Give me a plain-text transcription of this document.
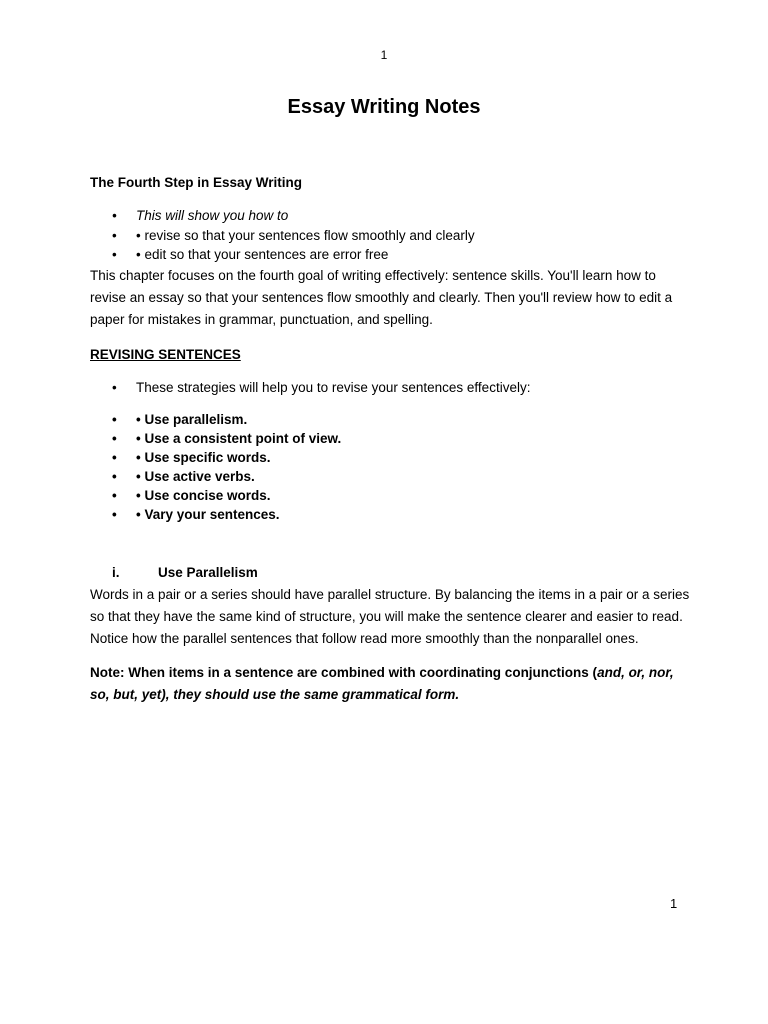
1
Essay Writing Notes

The Fourth Step in Essay Writing

• This will show you how to
• • revise so that your sentences flow smoothly and clearly
• • edit so that your sentences are error free

This chapter focuses on the fourth goal of writing effectively: sentence skills. You'll learn how to revise an essay so that your sentences flow smoothly and clearly. Then you'll review how to edit a paper for mistakes in grammar, punctuation, and spelling.

REVISING SENTENCES

• These strategies will help you to revise your sentences effectively:
• • Use parallelism.
• • Use a consistent point of view.
• • Use specific words.
• • Use active verbs.
• • Use concise words.
• • Vary your sentences.
i.	Use Parallelism

Words in a pair or a series should have parallel structure. By balancing the items in a pair or a series so that they have the same kind of structure, you will make the sentence clearer and easier to read. Notice how the parallel sentences that follow read more smoothly than the nonparallel ones.

Note: When items in a sentence are combined with coordinating conjunctions (and, or, nor, so, but, yet), they should use the same grammatical form.

1
